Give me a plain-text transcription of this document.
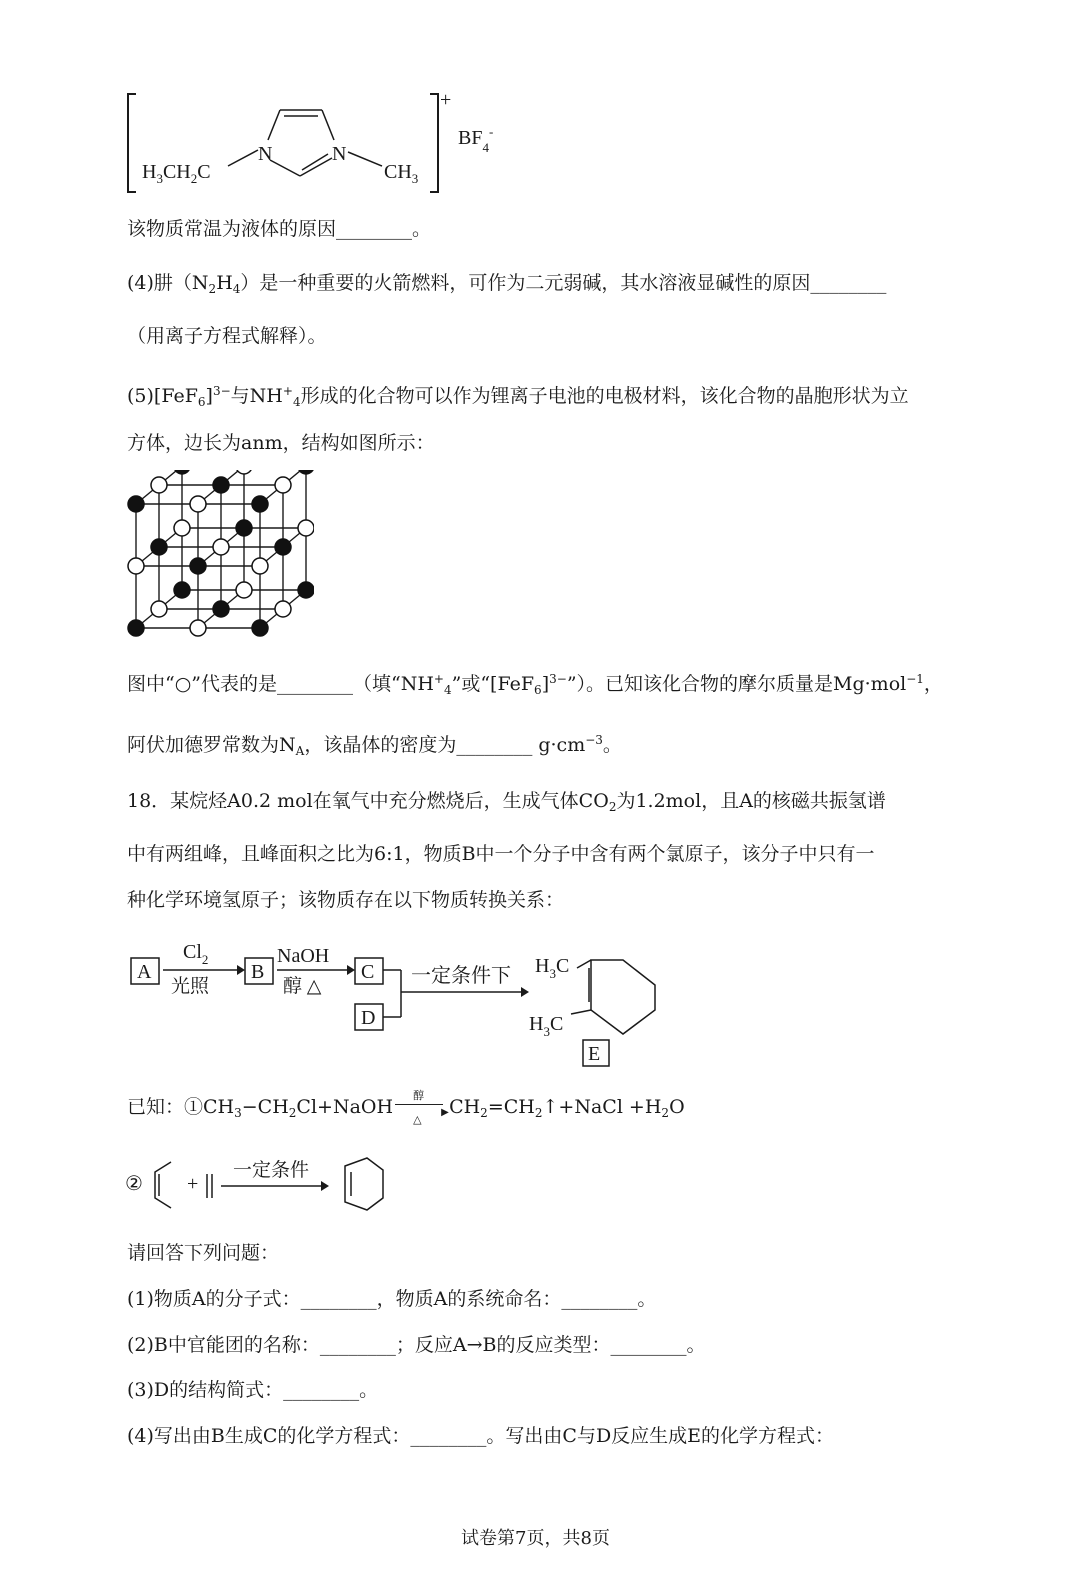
$H_3CH_2C$
N	N
$CH_3$
+
$BF_4^-$
该物质常温为液体的原因________。
(4)肼$(N_2H_4)$是一种重要的火箭燃料，可作为二元弱碱，其水溶液显碱性的原因________
（用离子方程式解释）。
$(5)[FeF_6]^{3-}$与$NH^+_4$形成的化合物可以作为锂离子电池的电极材料，该化合物的晶胞形状为立
方体，边长为anm，结构如图所示：
图中“○”代表的是________（填“$NH^+_4$”或“$[FeF_6]^{3-}$”）。已知该化合物的摩尔质量是Mg·mol$^{-1}$，
阿伏加德罗常数为$N_A$，该晶体的密度为________ $g\cdot cm^{-3}$。
18．某烷烃A0.2 mol在氧气中充分燃烧后，生成气体$CO_2$为1.2mol，且A的核磁共振氢谱
中有两组峰，且峰面积之比为6:1，物质B中一个分子中含有两个氯原子，该分子中只有一
种化学环境氢原子；该物质存在以下物质转换关系：
A
$Cl_2$
光照
B
NaOH
醇 △
C
D
一定条件下 $H_3C$
$H_3C$
E
已知：$①CH_3-CH_2Cl+NaOH$
醇
▶
△
$CH_2=CH_2↑+NaCl +H_2O$
② +
一定条件
请回答下列问题：
(1)物质A的分子式：________，物质A的系统命名：________。
(2)B中官能团的名称：________；反应A→B的反应类型：________。
(3)D的结构简式：________。
(4)写出由B生成C的化学方程式：________。写出由C与D反应生成E的化学方程式：
试卷第7页，共8页
